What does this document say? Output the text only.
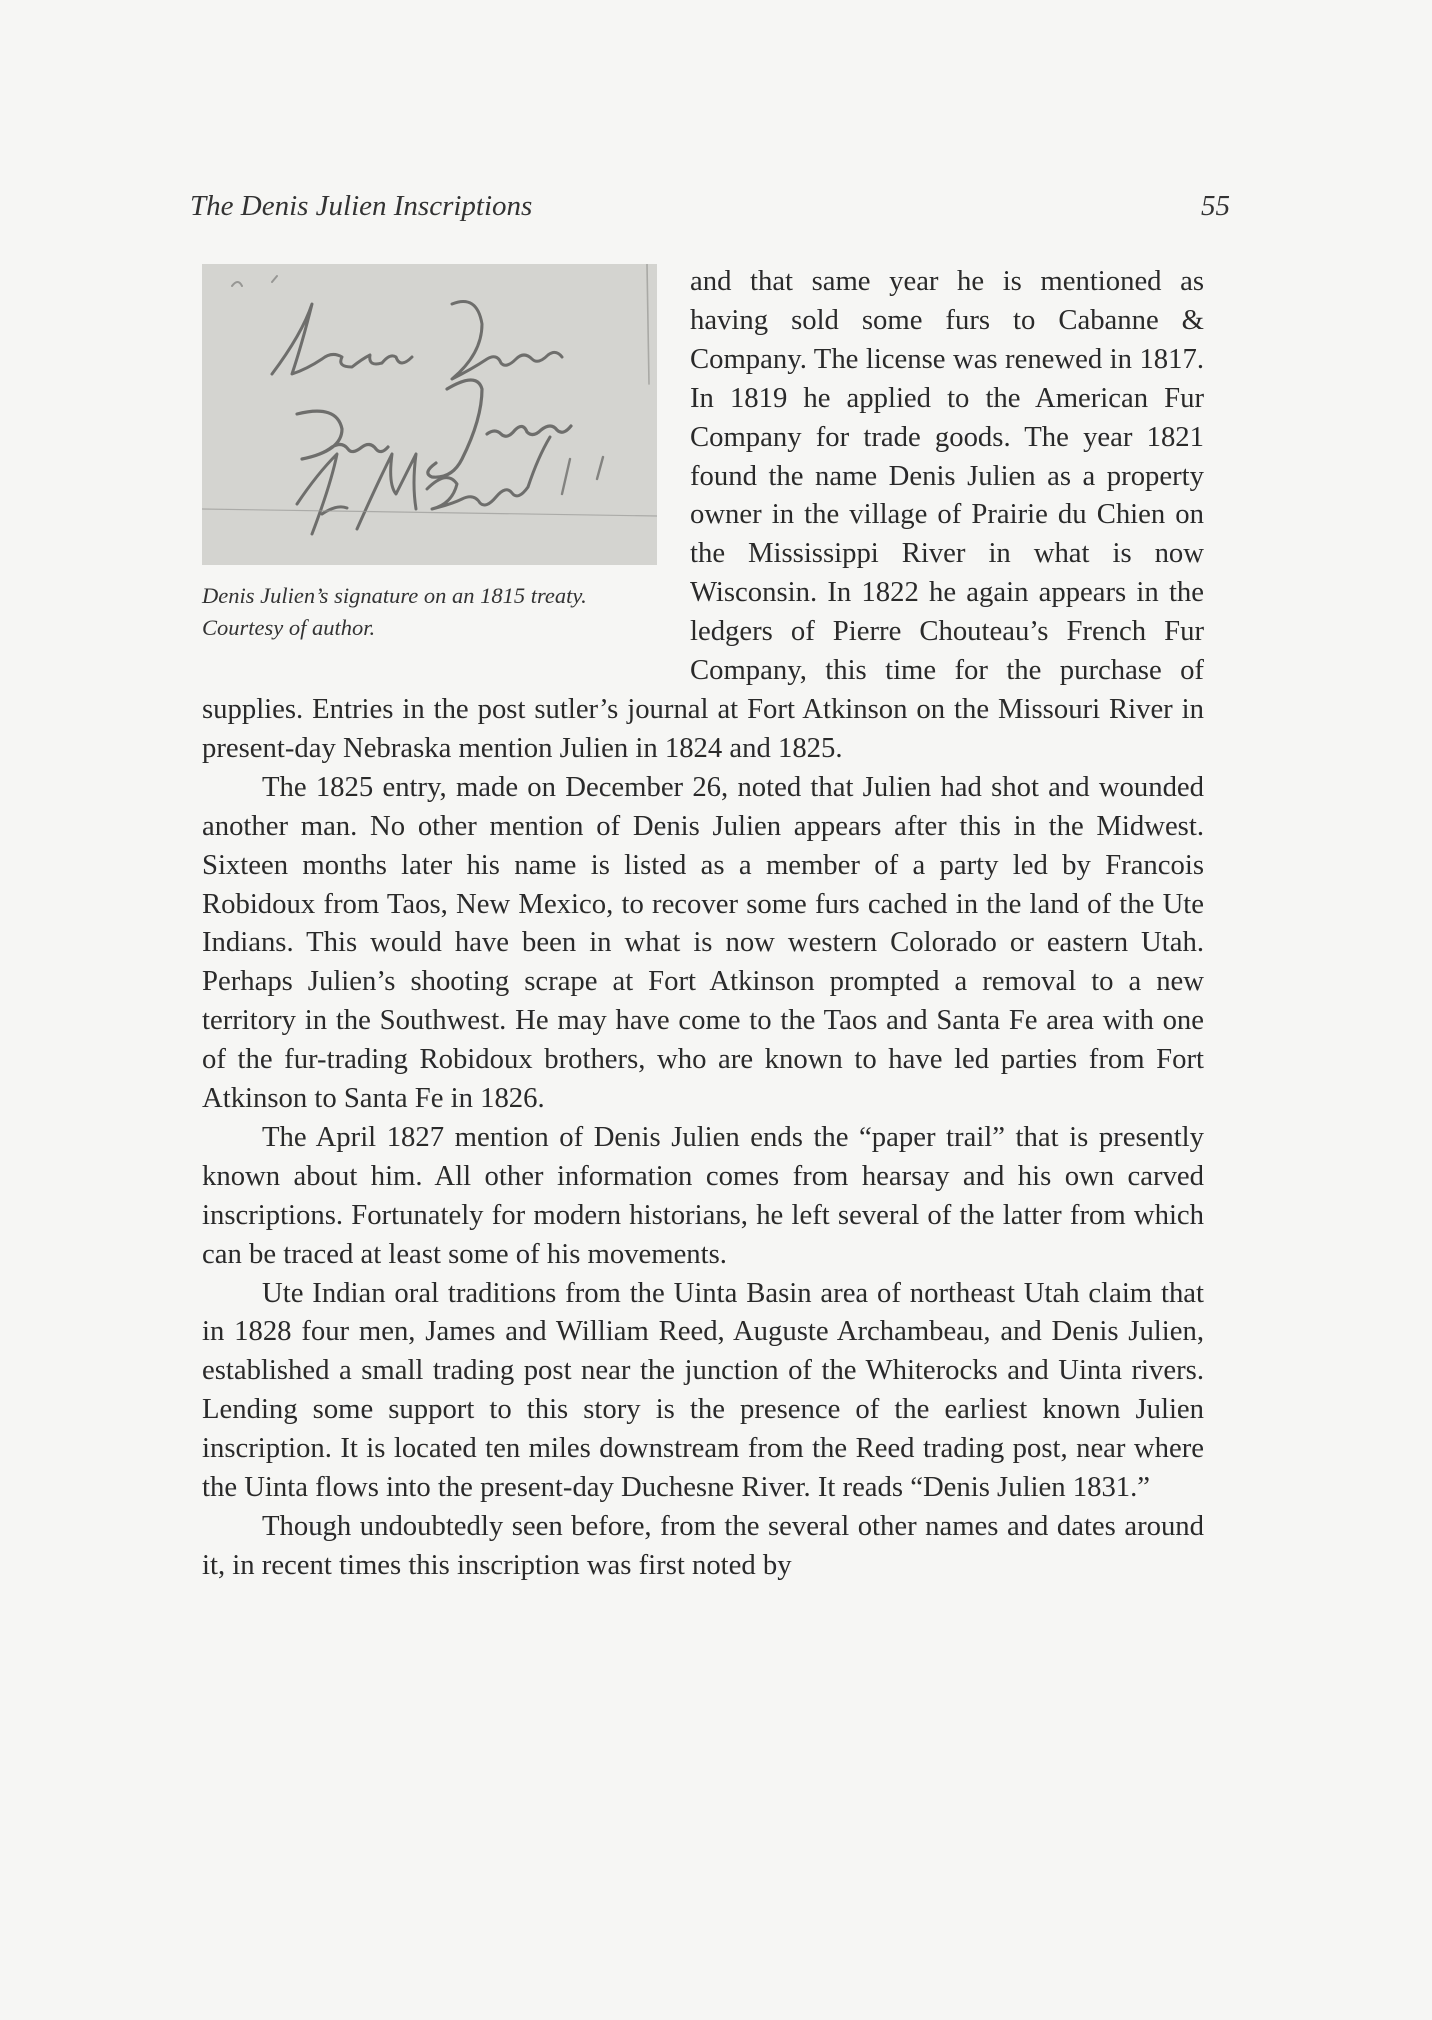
The Denis Julien Inscriptions	55
Denis Julien’s signature on an 1815 treaty. Courtesy of author.

and that same year he is mentioned as having sold some furs to Cabanne & Company. The license was renewed in 1817. In 1819 he applied to the American Fur Company for trade goods. The year 1821 found the name Denis Julien as a property owner in the village of Prairie du Chien on the Mississippi River in what is now Wisconsin. In 1822 he again appears in the ledgers of Pierre Chouteau’s French Fur Company, this time for the purchase of supplies. Entries in the post sutler’s journal at Fort Atkinson on the Missouri River in present-day Nebraska mention Julien in 1824 and 1825.

The 1825 entry, made on December 26, noted that Julien had shot and wounded another man. No other mention of Denis Julien appears after this in the Midwest. Sixteen months later his name is listed as a member of a party led by Francois Robidoux from Taos, New Mexico, to recover some furs cached in the land of the Ute Indians. This would have been in what is now western Colorado or eastern Utah. Perhaps Julien’s shooting scrape at Fort Atkinson prompted a removal to a new territory in the Southwest. He may have come to the Taos and Santa Fe area with one of the fur-trading Robidoux brothers, who are known to have led parties from Fort Atkinson to Santa Fe in 1826.

The April 1827 mention of Denis Julien ends the “paper trail” that is presently known about him. All other information comes from hearsay and his own carved inscriptions. Fortunately for modern historians, he left several of the latter from which can be traced at least some of his movements.

Ute Indian oral traditions from the Uinta Basin area of northeast Utah claim that in 1828 four men, James and William Reed, Auguste Archambeau, and Denis Julien, established a small trading post near the junction of the Whiterocks and Uinta rivers. Lending some support to this story is the presence of the earliest known Julien inscription. It is located ten miles downstream from the Reed trading post, near where the Uinta flows into the present-day Duchesne River. It reads “Denis Julien 1831.”

Though undoubtedly seen before, from the several other names and dates around it, in recent times this inscription was first noted by
